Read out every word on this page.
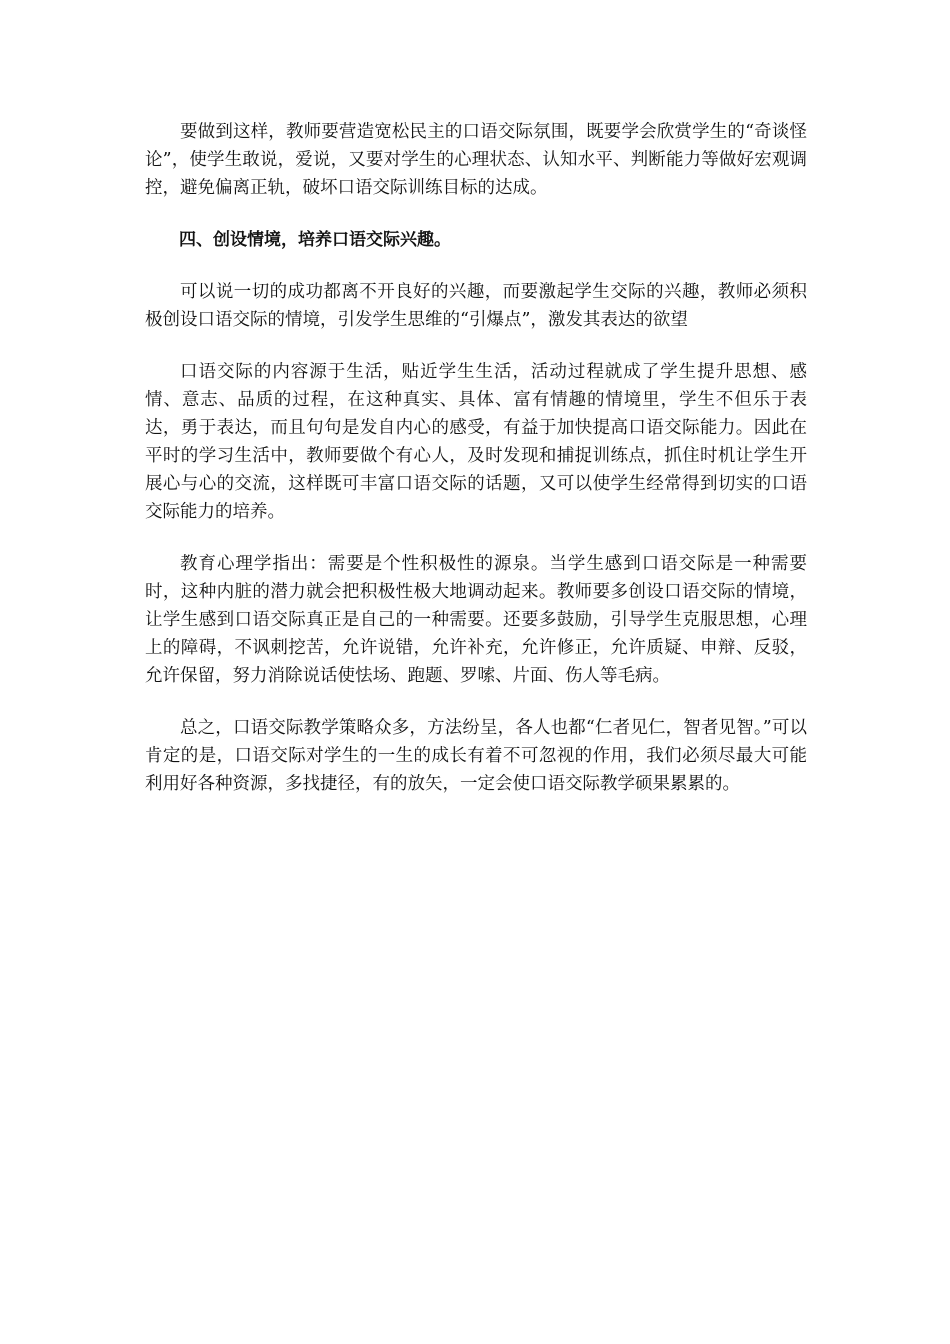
要做到这样，教师要营造宽松民主的口语交际氛围，既要学会欣赏学生的“奇谈怪论”，使学生敢说，爱说，又要对学生的心理状态、认知水平、判断能力等做好宏观调控，避免偏离正轨，破坏口语交际训练目标的达成。

四、创设情境，培养口语交际兴趣。

可以说一切的成功都离不开良好的兴趣，而要激起学生交际的兴趣，教师必须积极创设口语交际的情境，引发学生思维的“引爆点”，激发其表达的欲望

口语交际的内容源于生活，贴近学生生活，活动过程就成了学生提升思想、感情、意志、品质的过程，在这种真实、具体、富有情趣的情境里，学生不但乐于表达，勇于表达，而且句句是发自内心的感受，有益于加快提高口语交际能力。因此在平时的学习生活中，教师要做个有心人，及时发现和捕捉训练点，抓住时机让学生开展心与心的交流，这样既可丰富口语交际的话题，又可以使学生经常得到切实的口语交际能力的培养。

教育心理学指出：需要是个性积极性的源泉。当学生感到口语交际是一种需要时，这种内脏的潜力就会把积极性极大地调动起来。教师要多创设口语交际的情境，让学生感到口语交际真正是自己的一种需要。还要多鼓励，引导学生克服思想，心理上的障碍，不讽刺挖苦，允许说错，允许补充，允许修正，允许质疑、申辩、反驳，允许保留，努力消除说话使怯场、跑题、罗嗦、片面、伤人等毛病。

总之，口语交际教学策略众多，方法纷呈，各人也都“仁者见仁，智者见智。”可以肯定的是，口语交际对学生的一生的成长有着不可忽视的作用，我们必须尽最大可能利用好各种资源，多找捷径，有的放矢，一定会使口语交际教学硕果累累的。
